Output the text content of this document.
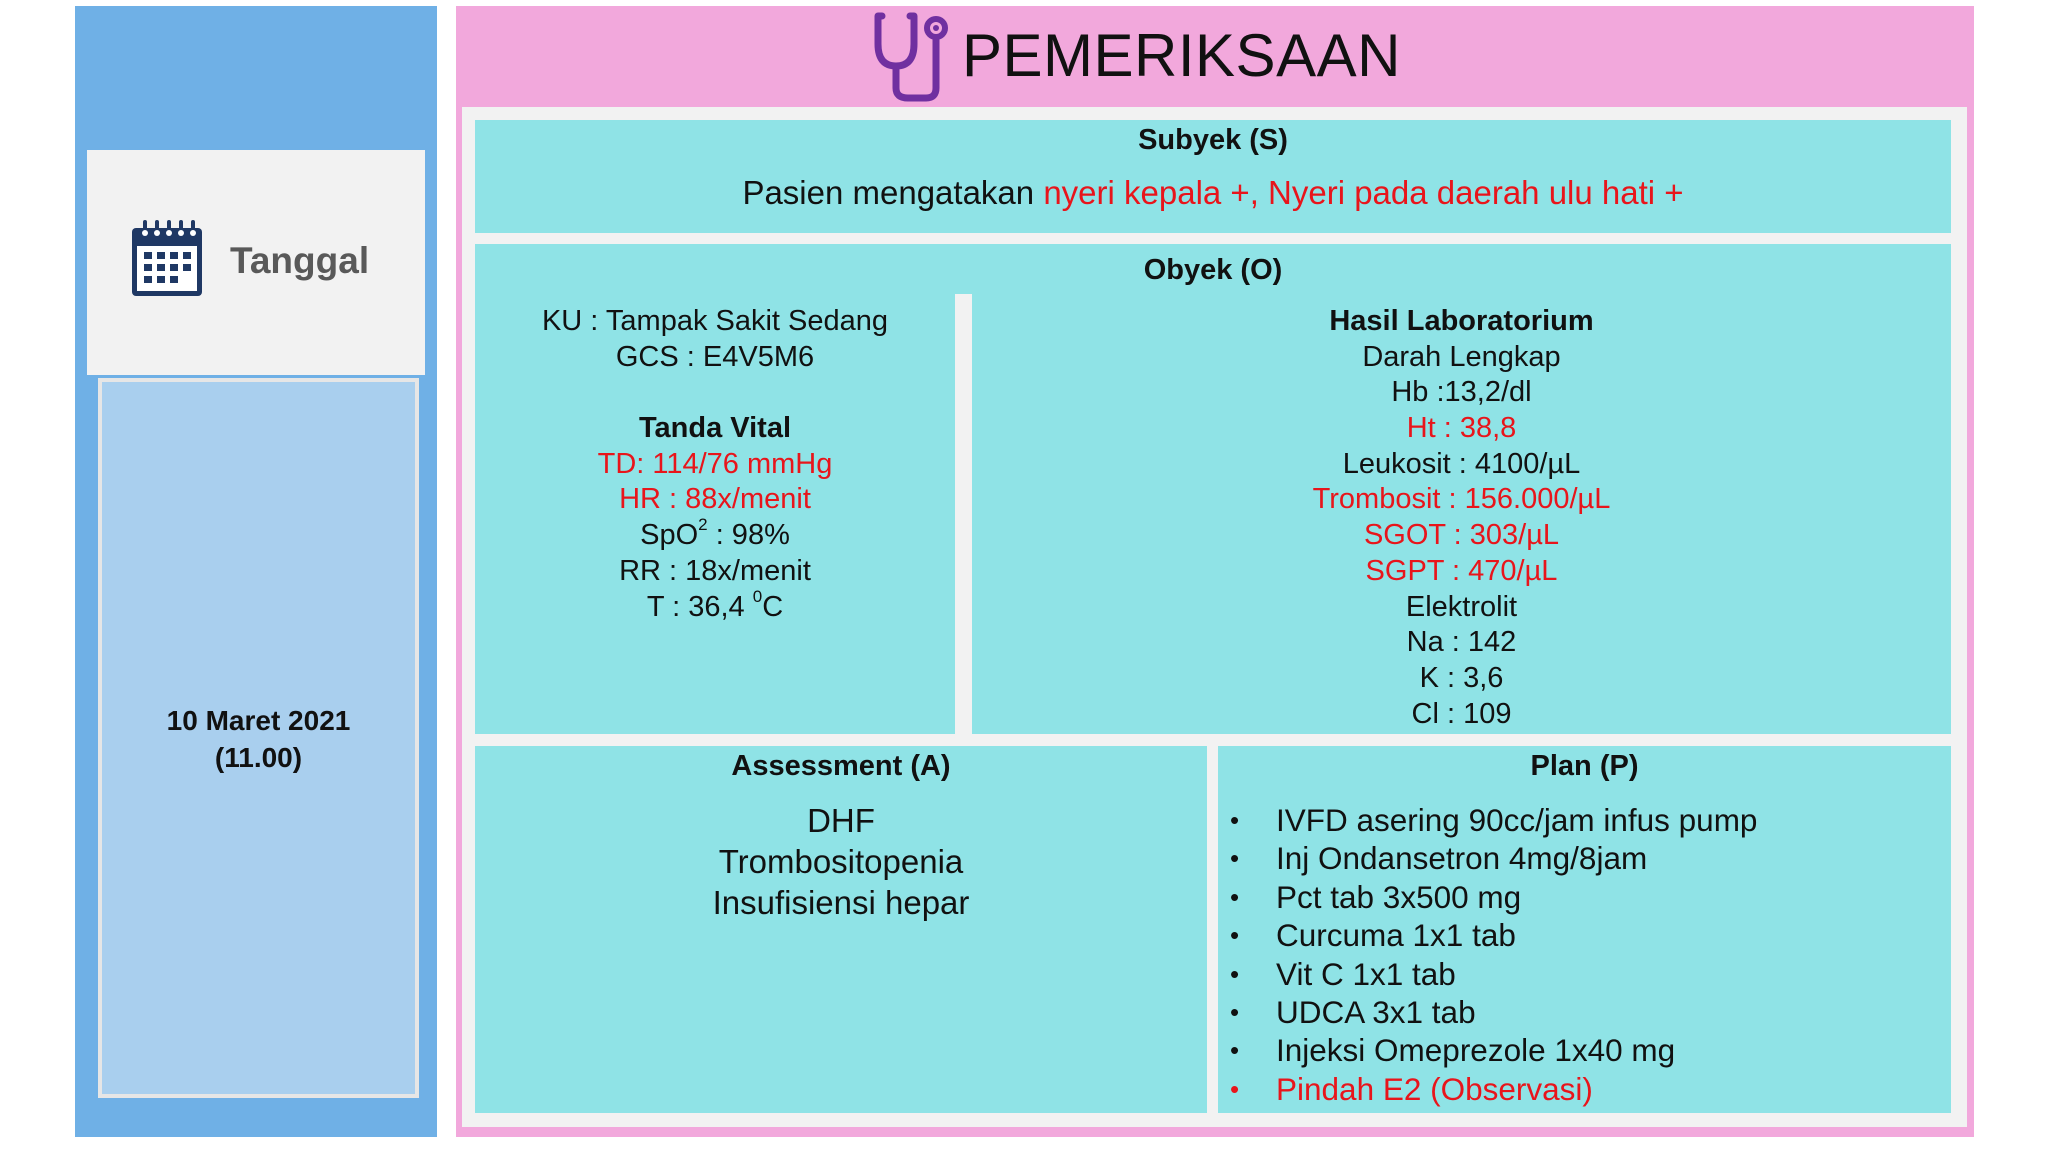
Tanggal
10 Maret 2021
(11.00)
PEMERIKSAAN
Subyek (S)
Pasien mengatakan nyeri kepala +, Nyeri pada daerah ulu hati +
Obyek (O)
KU : Tampak Sakit Sedang
GCS : E4V5M6
Tanda Vital
TD: 114/76 mmHg
HR : 88x/menit
SpO$^2$ : 98%
RR : 18x/menit
T : 36,4 $^0$C
Hasil Laboratorium
Darah Lengkap
Hb :13,2/dl
Ht : 38,8
Leukosit : 4100/µL
Trombosit : 156.000/µL
SGOT : 303/µL
SGPT : 470/µL
Elektrolit
Na : 142
K : 3,6
Cl : 109
Assessment (A)
DHF
Trombositopenia
Insufisiensi hepar
Plan (P)
• IVFD asering 90cc/jam infus pump
• Inj Ondansetron 4mg/8jam
• Pct tab 3x500 mg
• Curcuma 1x1 tab
• Vit C 1x1 tab
• UDCA 3x1 tab
• Injeksi Omeprezole 1x40 mg
• Pindah E2 (Observasi)
